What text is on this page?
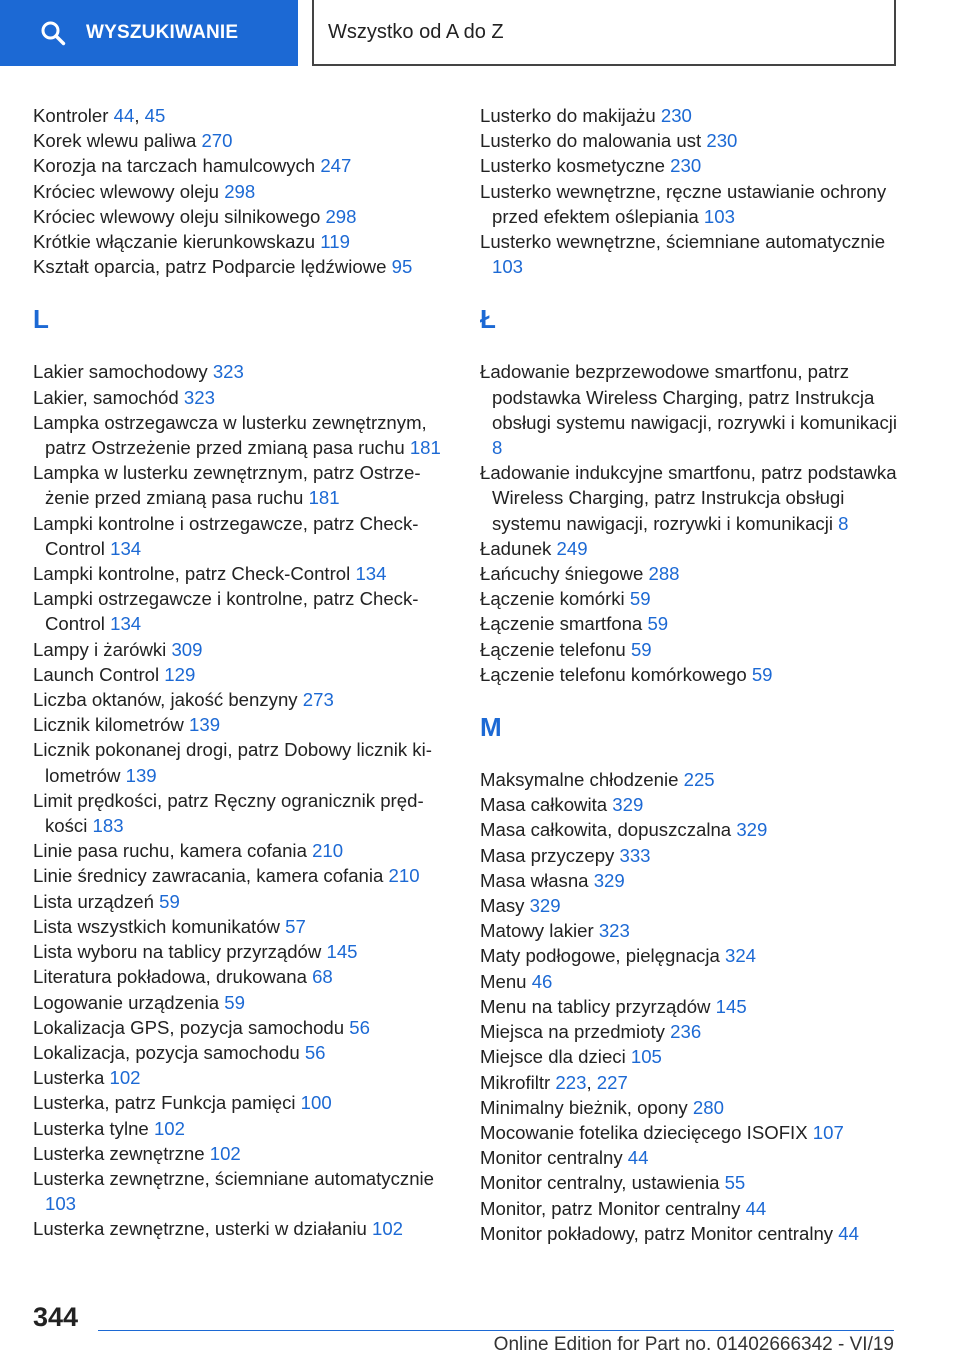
WYSZUKIWANIE	Wszystko od A do Z
Kontroler 44, 45
Korek wlewu paliwa 270
Korozja na tarczach hamulcowych 247
Króciec wlewowy oleju 298
Króciec wlewowy oleju silnikowego 298
Krótkie włączanie kierunkowskazu 119
Kształt oparcia, patrz Podparcie lędźwiowe 95
L
Lakier samochodowy 323
Lakier, samochód 323
Lampka ostrzegawcza w lusterku zewnętrznym, patrz Ostrzeżenie przed zmianą pasa ruchu 181
Lampka w lusterku zewnętrznym, patrz Ostrzeżenie przed zmianą pasa ruchu 181
Lampki kontrolne i ostrzegawcze, patrz Check-Control 134
Lampki kontrolne, patrz Check-Control 134
Lampki ostrzegawcze i kontrolne, patrz Check-Control 134
Lampy i żarówki 309
Launch Control 129
Liczba oktanów, jakość benzyny 273
Licznik kilometrów 139
Licznik pokonanej drogi, patrz Dobowy licznik kilometrów 139
Limit prędkości, patrz Ręczny ogranicznik prędkości 183
Linie pasa ruchu, kamera cofania 210
Linie średnicy zawracania, kamera cofania 210
Lista urządzeń 59
Lista wszystkich komunikatów 57
Lista wyboru na tablicy przyrządów 145
Literatura pokładowa, drukowana 68
Logowanie urządzenia 59
Lokalizacja GPS, pozycja samochodu 56
Lokalizacja, pozycja samochodu 56
Lusterka 102
Lusterka, patrz Funkcja pamięci 100
Lusterka tylne 102
Lusterka zewnętrzne 102
Lusterka zewnętrzne, ściemniane automatycznie 103
Lusterka zewnętrzne, usterki w działaniu 102
Lusterko do makijażu 230
Lusterko do malowania ust 230
Lusterko kosmetyczne 230
Lusterko wewnętrzne, ręczne ustawianie ochrony przed efektem oślepiania 103
Lusterko wewnętrzne, ściemniane automatycznie 103
Ł
Ładowanie bezprzewodowe smartfonu, patrz podstawka Wireless Charging, patrz Instrukcja obsługi systemu nawigacji, rozrywki i komunikacji 8
Ładowanie indukcyjne smartfonu, patrz podstawka Wireless Charging, patrz Instrukcja obsługi systemu nawigacji, rozrywki i komunikacji 8
Ładunek 249
Łańcuchy śniegowe 288
Łączenie komórki 59
Łączenie smartfona 59
Łączenie telefonu 59
Łączenie telefonu komórkowego 59
M
Maksymalne chłodzenie 225
Masa całkowita 329
Masa całkowita, dopuszczalna 329
Masa przyczepy 333
Masa własna 329
Masy 329
Matowy lakier 323
Maty podłogowe, pielęgnacja 324
Menu 46
Menu na tablicy przyrządów 145
Miejsca na przedmioty 236
Miejsce dla dzieci 105
Mikrofiltr 223, 227
Minimalny bieżnik, opony 280
Mocowanie fotelika dziecięcego ISOFIX 107
Monitor centralny 44
Monitor centralny, ustawienia 55
Monitor, patrz Monitor centralny 44
Monitor pokładowy, patrz Monitor centralny 44
344
Online Edition for Part no. 01402666342 - VI/19
